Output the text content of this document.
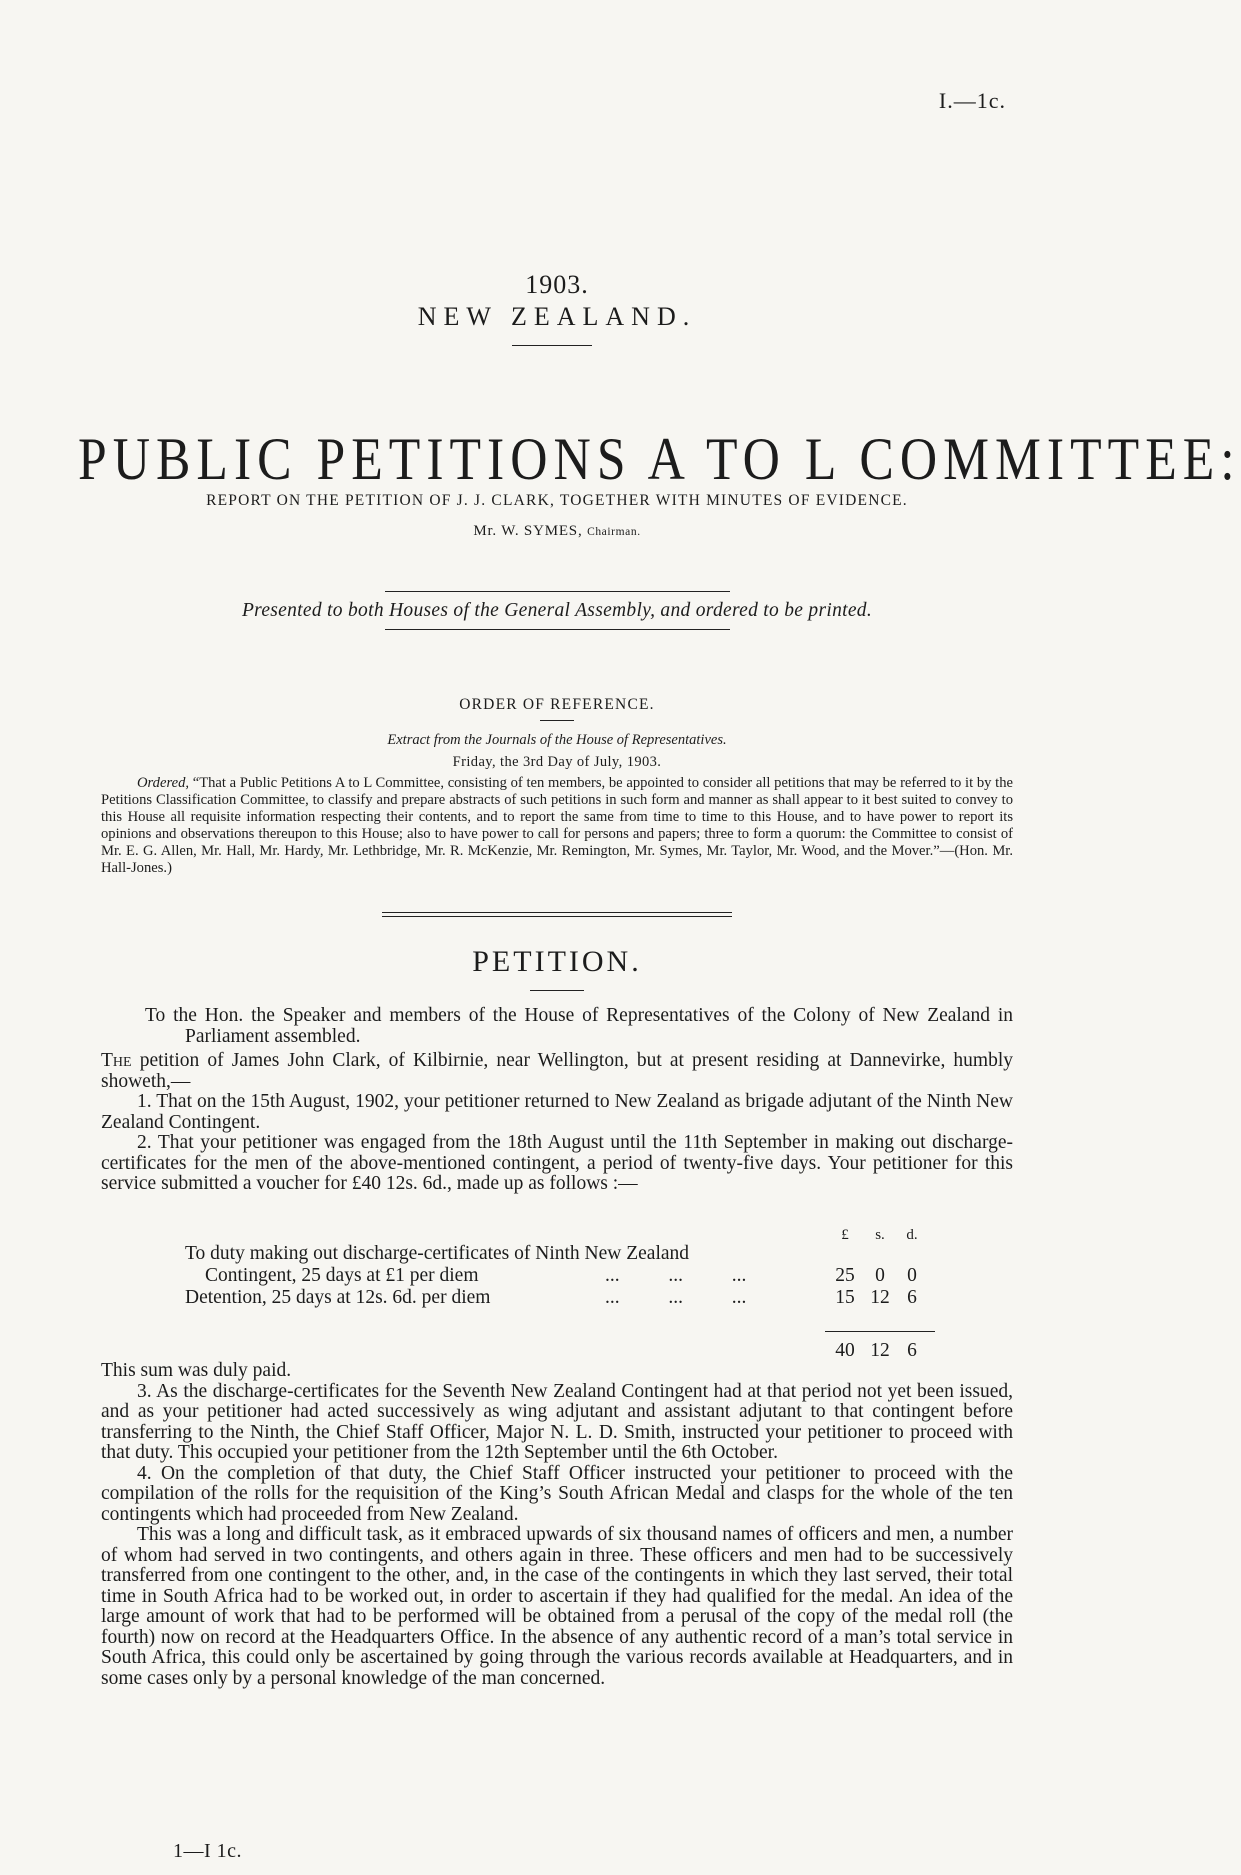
I.—1c.
1903.
NEW ZEALAND.
PUBLIC PETITIONS A TO L COMMITTEE:
REPORT ON THE PETITION OF J. J. CLARK, TOGETHER WITH MINUTES OF EVIDENCE.
Mr. W. SYMES, Chairman.
Presented to both Houses of the General Assembly, and ordered to be printed.
ORDER OF REFERENCE.
Extract from the Journals of the House of Representatives.
Friday, the 3rd Day of July, 1903.
Ordered, “That a Public Petitions A to L Committee, consisting of ten members, be appointed to consider all petitions that may be referred to it by the Petitions Classification Committee, to classify and prepare abstracts of such petitions in such form and manner as shall appear to it best suited to convey to this House all requisite information respecting their contents, and to report the same from time to time to this House, and to have power to report its opinions and observations thereupon to this House; also to have power to call for persons and papers; three to form a quorum: the Committee to consist of Mr. E. G. Allen, Mr. Hall, Mr. Hardy, Mr. Lethbridge, Mr. R. McKenzie, Mr. Remington, Mr. Symes, Mr. Taylor, Mr. Wood, and the Mover.”—(Hon. Mr. Hall-Jones.)
PETITION.

To the Hon. the Speaker and members of the House of Representatives of the Colony of New Zealand in Parliament assembled.

The petition of James John Clark, of Kilbirnie, near Wellington, but at present residing at Dannevirke, humbly showeth,—

1. That on the 15th August, 1902, your petitioner returned to New Zealand as brigade adjutant of the Ninth New Zealand Contingent.

2. That your petitioner was engaged from the 18th August until the 11th September in making out discharge-certificates for the men of the above-mentioned contingent, a period of twenty-five days. Your petitioner for this service submitted a voucher for £40 12s. 6d., made up as follows :—

£	s.	d.
To duty making out discharge-certificates of Ninth New Zealand
Contingent, 25 days at £1 per diem	...          ...          ...	25	0	0
Detention, 25 days at 12s. 6d. per diem	...          ...          ...	15 12 6
40 12 6

This sum was duly paid.

3. As the discharge-certificates for the Seventh New Zealand Contingent had at that period not yet been issued, and as your petitioner had acted successively as wing adjutant and assistant adjutant to that contingent before transferring to the Ninth, the Chief Staff Officer, Major N. L. D. Smith, instructed your petitioner to proceed with that duty. This occupied your petitioner from the 12th September until the 6th October.

4. On the completion of that duty, the Chief Staff Officer instructed your petitioner to proceed with the compilation of the rolls for the requisition of the King’s South African Medal and clasps for the whole of the ten contingents which had proceeded from New Zealand.

This was a long and difficult task, as it embraced upwards of six thousand names of officers and men, a number of whom had served in two contingents, and others again in three. These officers and men had to be successively transferred from one contingent to the other, and, in the case of the contingents in which they last served, their total time in South Africa had to be worked out, in order to ascertain if they had qualified for the medal. An idea of the large amount of work that had to be performed will be obtained from a perusal of the copy of the medal roll (the fourth) now on record at the Headquarters Office. In the absence of any authentic record of a man’s total service in South Africa, this could only be ascertained by going through the various records available at Headquarters, and in some cases only by a personal knowledge of the man concerned.

1—I 1c.
